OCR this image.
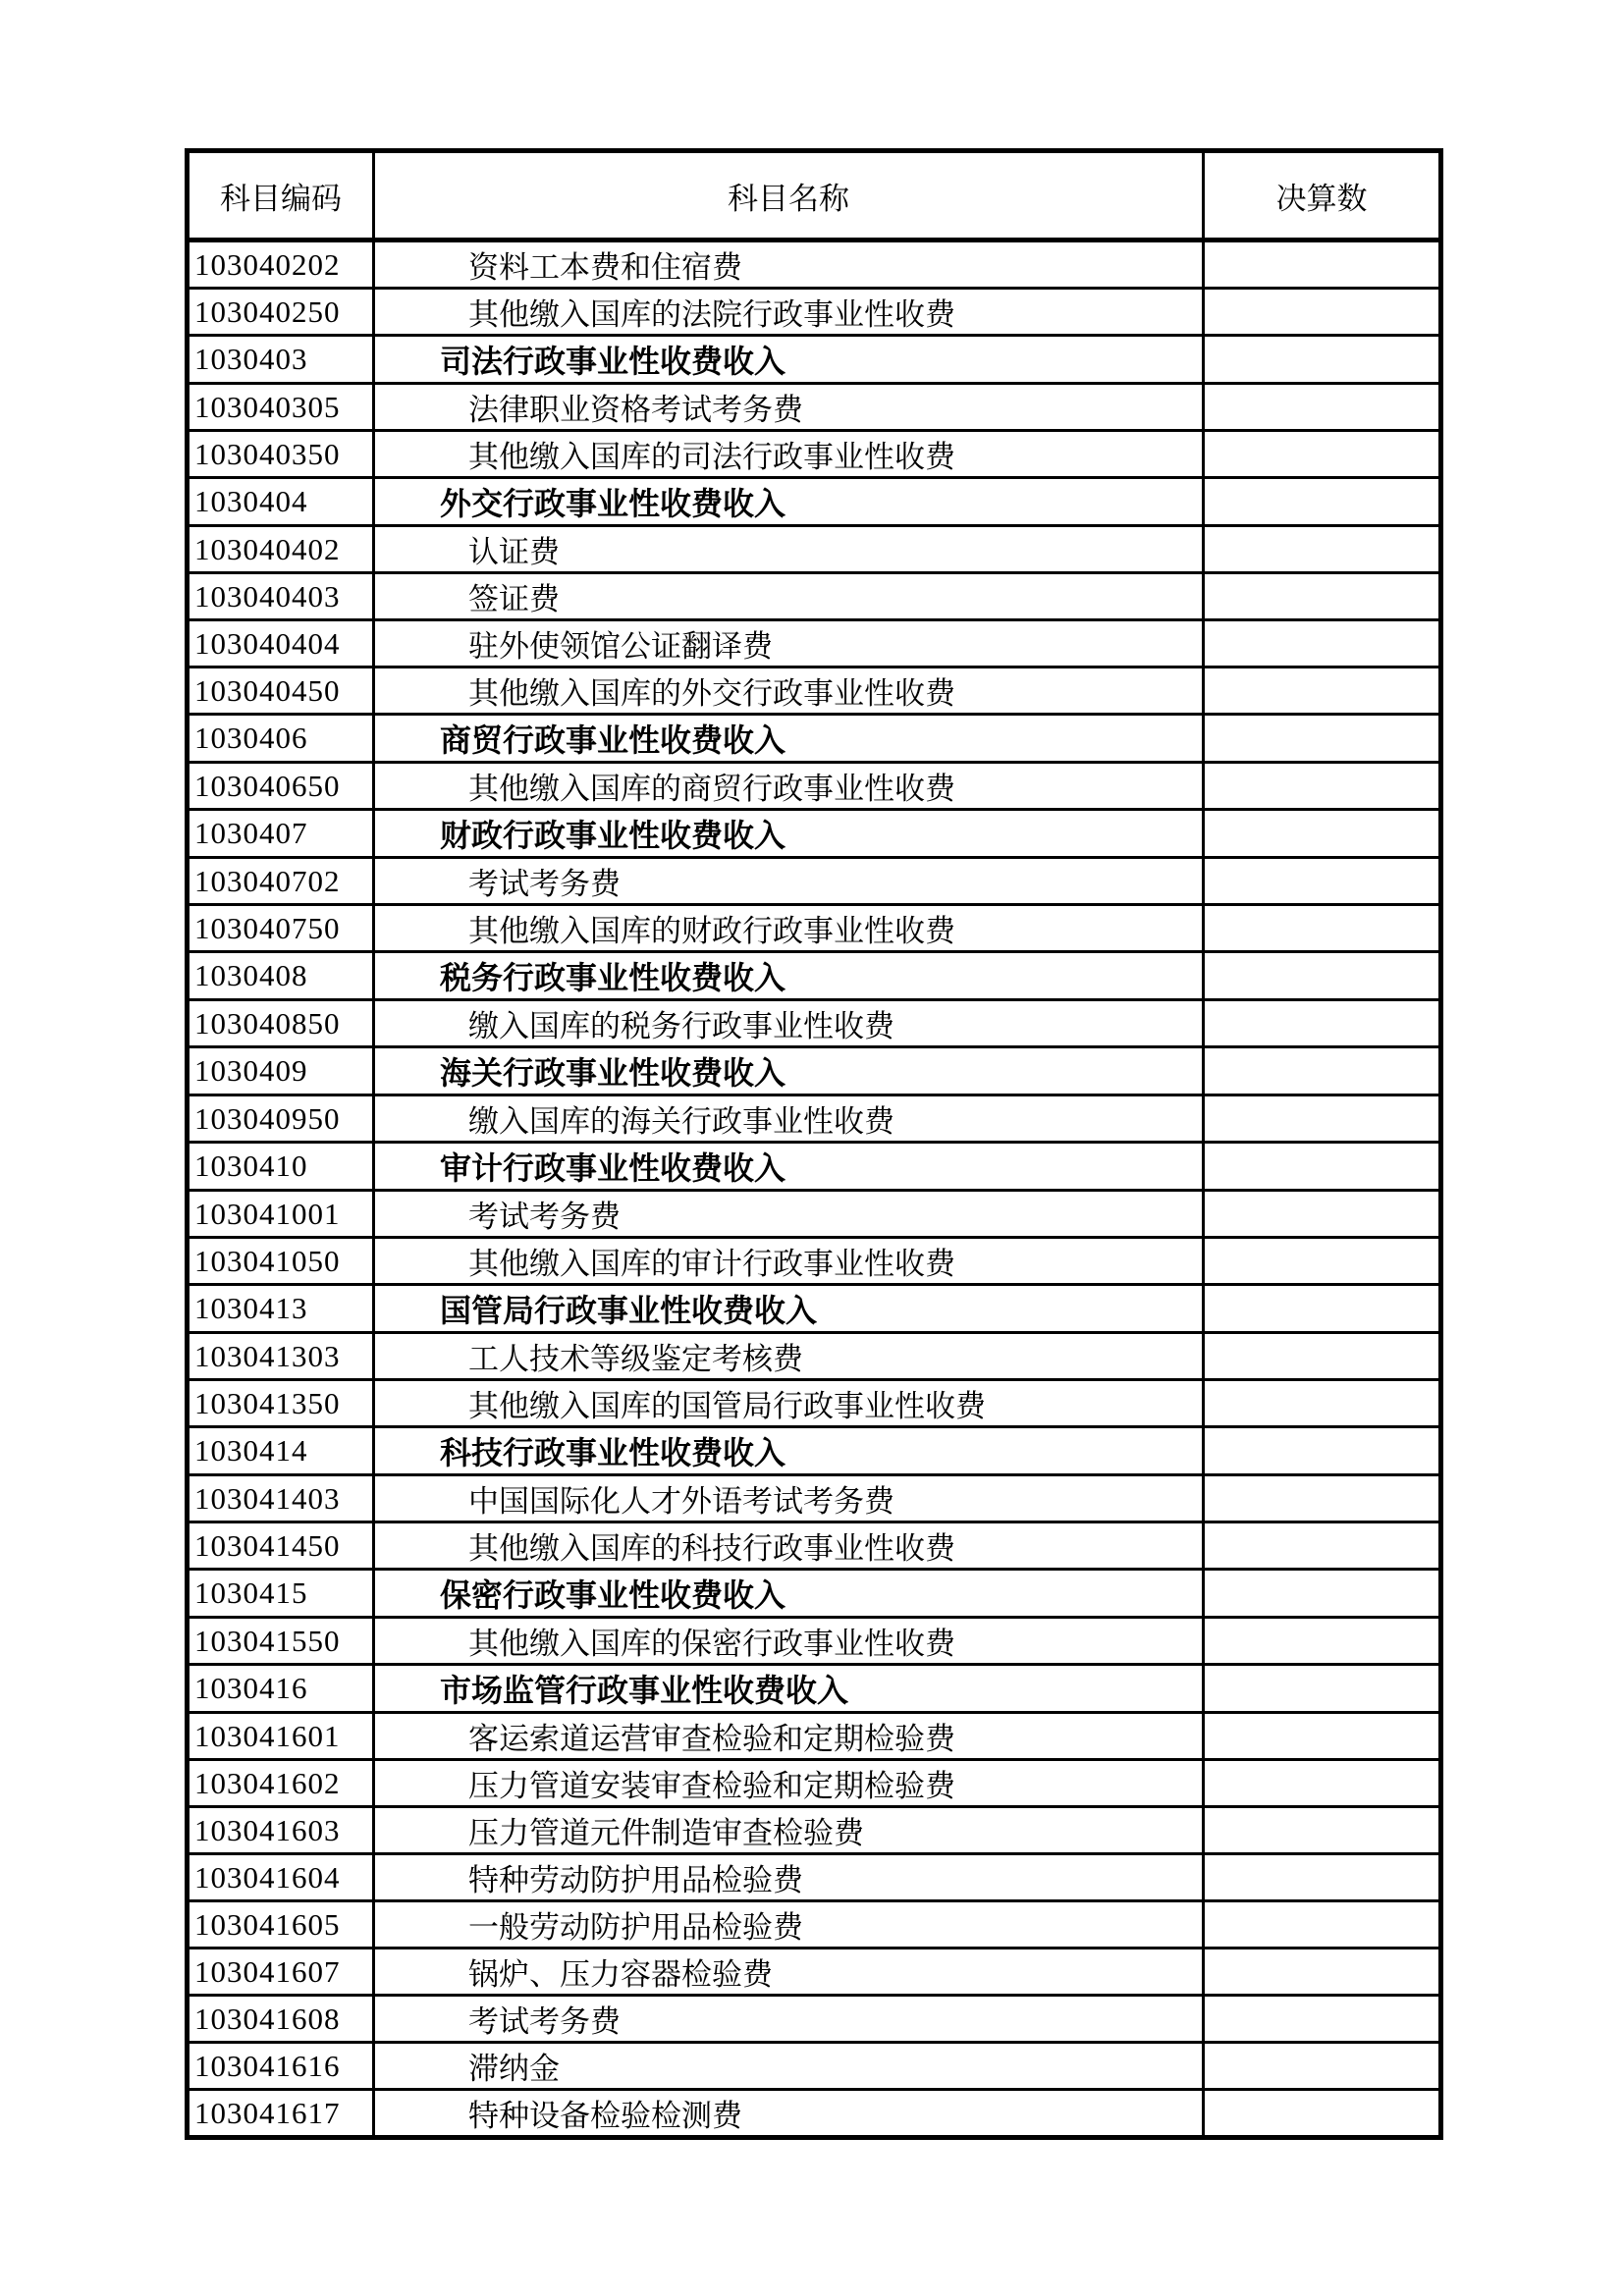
科目编码	科目名称	决算数
103040202	资料工本费和住宿费	
103040250	其他缴入国库的法院行政事业性收费	
1030403	司法行政事业性收费收入	
103040305	法律职业资格考试考务费	
103040350	其他缴入国库的司法行政事业性收费	
1030404	外交行政事业性收费收入	
103040402	认证费	
103040403	签证费	
103040404	驻外使领馆公证翻译费	
103040450	其他缴入国库的外交行政事业性收费	
1030406	商贸行政事业性收费收入	
103040650	其他缴入国库的商贸行政事业性收费	
1030407	财政行政事业性收费收入	
103040702	考试考务费	
103040750	其他缴入国库的财政行政事业性收费	
1030408	税务行政事业性收费收入	
103040850	缴入国库的税务行政事业性收费	
1030409	海关行政事业性收费收入	
103040950	缴入国库的海关行政事业性收费	
1030410	审计行政事业性收费收入	
103041001	考试考务费	
103041050	其他缴入国库的审计行政事业性收费	
1030413	国管局行政事业性收费收入	
103041303	工人技术等级鉴定考核费	
103041350	其他缴入国库的国管局行政事业性收费	
1030414	科技行政事业性收费收入	
103041403	中国国际化人才外语考试考务费	
103041450	其他缴入国库的科技行政事业性收费	
1030415	保密行政事业性收费收入	
103041550	其他缴入国库的保密行政事业性收费	
1030416	市场监管行政事业性收费收入	
103041601	客运索道运营审查检验和定期检验费	
103041602	压力管道安装审查检验和定期检验费	
103041603	压力管道元件制造审查检验费	
103041604	特种劳动防护用品检验费	
103041605	一般劳动防护用品检验费	
103041607	锅炉、压力容器检验费	
103041608	考试考务费	
103041616	滞纳金	
103041617	特种设备检验检测费	
